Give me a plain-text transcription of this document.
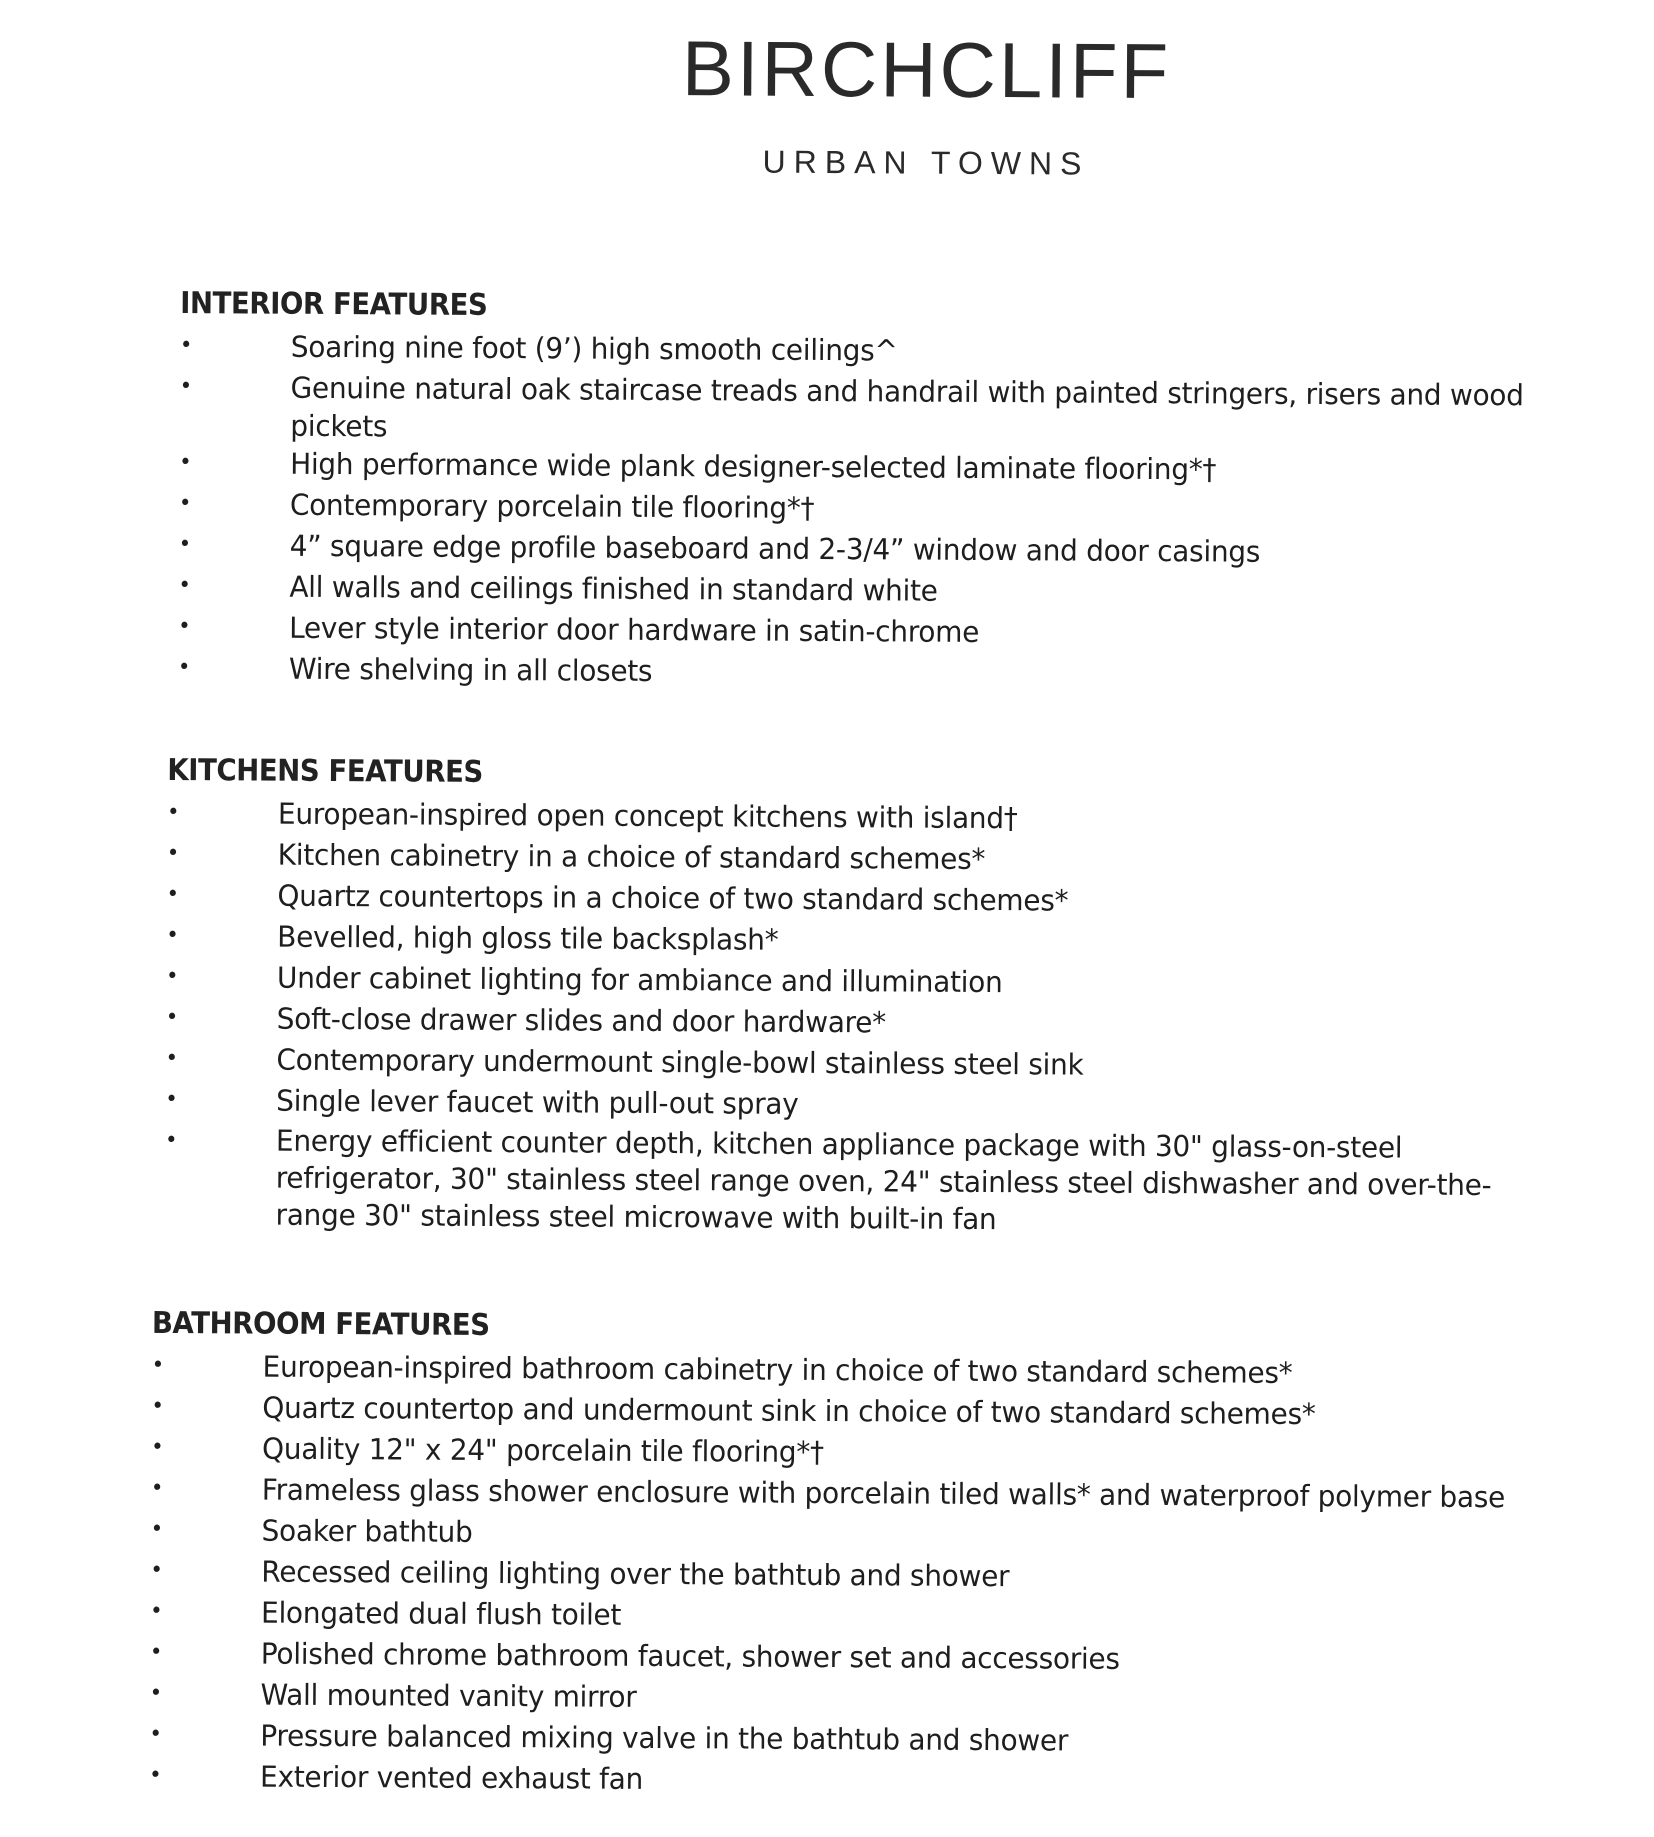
BIRCHCLIFF
URBAN TOWNS
INTERIOR FEATURES
•	Soaring nine foot (9’) high smooth ceilings^
•	Genuine natural oak staircase treads and handrail with painted stringers, risers and wood pickets
•	High performance wide plank designer-selected laminate flooring*†
•	Contemporary porcelain tile flooring*†
•	4” square edge profile baseboard and 2-3/4” window and door casings
•	All walls and ceilings finished in standard white
•	Lever style interior door hardware in satin-chrome
•	Wire shelving in all closets
KITCHENS FEATURES
•	European-inspired open concept kitchens with island†
•	Kitchen cabinetry in a choice of standard schemes*
•	Quartz countertops in a choice of two standard schemes*
•	Bevelled, high gloss tile backsplash*
•	Under cabinet lighting for ambiance and illumination
•	Soft-close drawer slides and door hardware*
•	Contemporary undermount single-bowl stainless steel sink
•	Single lever faucet with pull-out spray
•	Energy efficient counter depth, kitchen appliance package with 30" glass-on-steel refrigerator, 30" stainless steel range oven, 24" stainless steel dishwasher and over-the-range 30" stainless steel microwave with built-in fan
BATHROOM FEATURES
•	European-inspired bathroom cabinetry in choice of two standard schemes*
•	Quartz countertop and undermount sink in choice of two standard schemes*
•	Quality 12" x 24" porcelain tile flooring*†
•	Frameless glass shower enclosure with porcelain tiled walls* and waterproof polymer base
•	Soaker bathtub
•	Recessed ceiling lighting over the bathtub and shower
•	Elongated dual flush toilet
•	Polished chrome bathroom faucet, shower set and accessories
•	Wall mounted vanity mirror
•	Pressure balanced mixing valve in the bathtub and shower
•	Exterior vented exhaust fan
